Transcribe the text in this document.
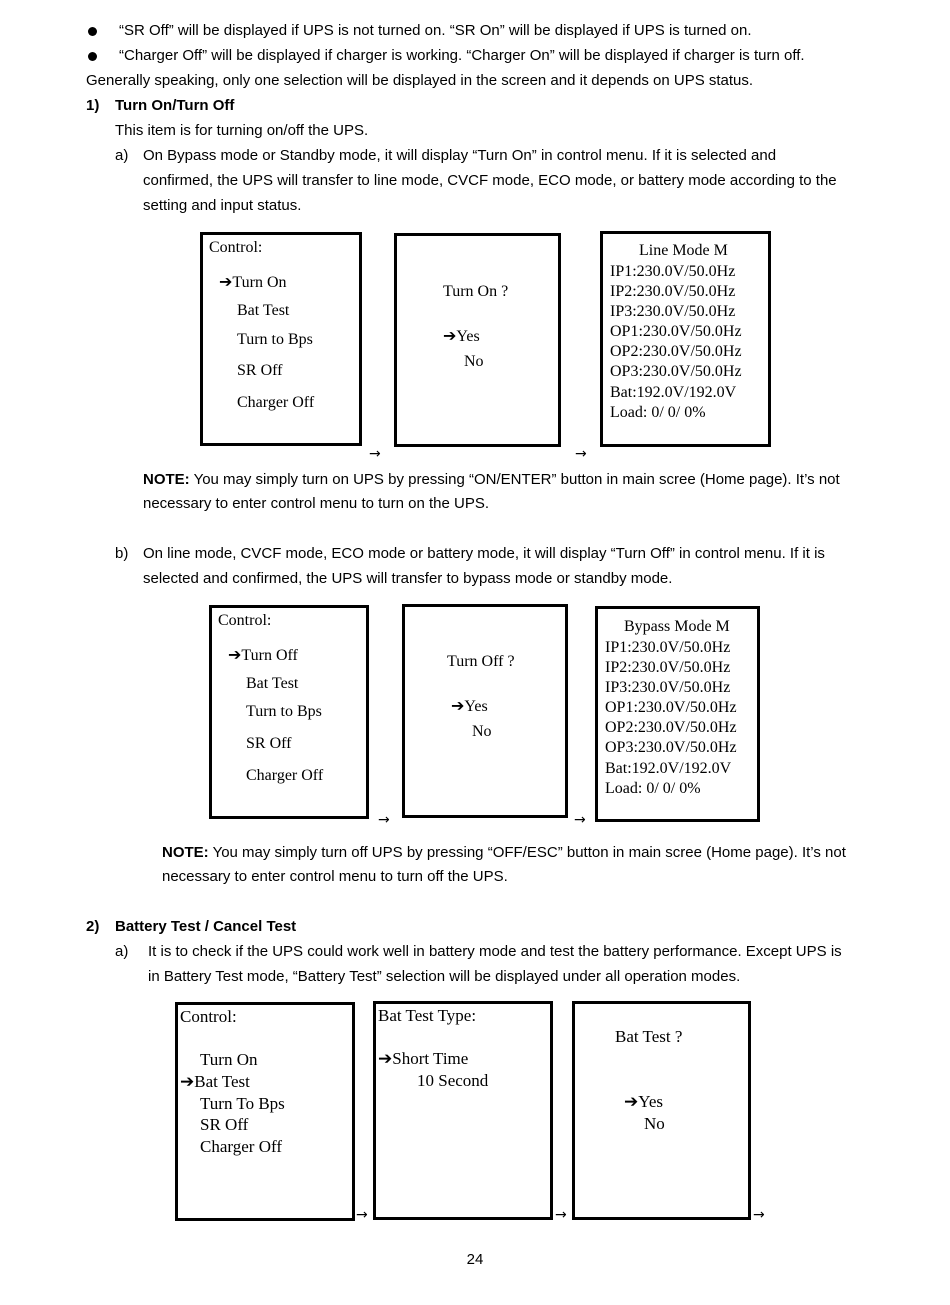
“SR Off” will be displayed if UPS is not turned on. “SR On” will be displayed if UPS is turned on.
“Charger Off” will be displayed if charger is working. “Charger On” will be displayed if charger is turn off.
Generally speaking, only one selection will be displayed in the screen and it depends on UPS status.
1) Turn On/Turn Off
This item is for turning on/off the UPS.
a) On Bypass mode or Standby mode, it will display “Turn On” in control menu. If it is selected and
confirmed, the UPS will transfer to line mode, CVCF mode, ECO mode, or battery mode according to the
setting and input status.
Control:
➔Turn On
Bat Test
Turn to Bps
SR Off
Charger Off
Turn On ?
➔Yes
No
Line Mode M
IP1:230.0V/50.0Hz
IP2:230.0V/50.0Hz
IP3:230.0V/50.0Hz
OP1:230.0V/50.0Hz
OP2:230.0V/50.0Hz
OP3:230.0V/50.0Hz
Bat:192.0V/192.0V
Load: 0/ 0/ 0%
→	→
NOTE: You may simply turn on UPS by pressing “ON/ENTER” button in main scree (Home page). It’s not
necessary to enter control menu to turn on the UPS.
b) On line mode, CVCF mode, ECO mode or battery mode, it will display “Turn Off” in control menu. If it is
selected and confirmed, the UPS will transfer to bypass mode or standby mode.
Control:
➔Turn Off
Bat Test
Turn to Bps
SR Off
Charger Off
Turn Off ?
➔Yes
No
Bypass Mode M
IP1:230.0V/50.0Hz
IP2:230.0V/50.0Hz
IP3:230.0V/50.0Hz
OP1:230.0V/50.0Hz
OP2:230.0V/50.0Hz
OP3:230.0V/50.0Hz
Bat:192.0V/192.0V
Load: 0/ 0/ 0%
→	→
NOTE: You may simply turn off UPS by pressing “OFF/ESC” button in main scree (Home page). It’s not
necessary to enter control menu to turn off the UPS.
2) Battery Test / Cancel Test
a) It is to check if the UPS could work well in battery mode and test the battery performance. Except UPS is
in Battery Test mode, “Battery Test” selection will be displayed under all operation modes.
Control:
Turn On
➔Bat Test
Turn To Bps
SR Off
Charger Off
Bat Test Type:
➔Short Time
10 Second
Bat Test ?
➔Yes
No
→	→	→
24
